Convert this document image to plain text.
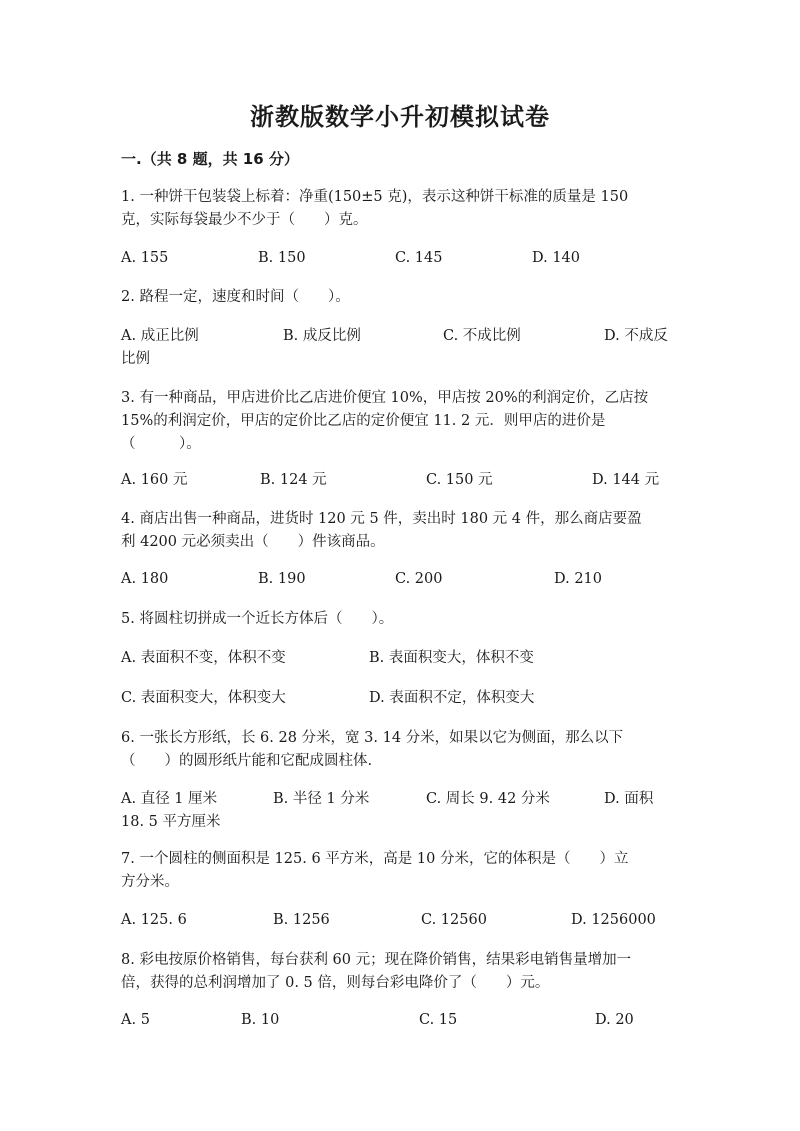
浙教版数学小升初模拟试卷
一.（共 8 题，共 16 分）
1. 一种饼干包装袋上标着：净重(150±5 克)，表示这种饼干标准的质量是 150
克，实际每袋最少不少于（　　）克。
A. 155	B. 150	C. 145	D. 140
2. 路程一定，速度和时间（　　）。
A. 成正比例	B. 成反比例	C. 不成比例	D. 不成反
比例
3. 有一种商品，甲店进价比乙店进价便宜 10%，甲店按 20%的利润定价，乙店按
15%的利润定价，甲店的定价比乙店的定价便宜 11. 2 元．则甲店的进价是
（　　　）。
A. 160 元	B. 124 元	C. 150 元	D. 144 元
4. 商店出售一种商品，进货时 120 元 5 件，卖出时 180 元 4 件，那么商店要盈
利 4200 元必须卖出（　　）件该商品。
A. 180	B. 190	C. 200	D. 210
5. 将圆柱切拼成一个近长方体后（　　）。
A. 表面积不变，体积不变	B. 表面积变大，体积不变
C. 表面积变大，体积变大	D. 表面积不定，体积变大
6. 一张长方形纸，长 6. 28 分米，宽 3. 14 分米，如果以它为侧面，那么以下
（　　）的圆形纸片能和它配成圆柱体.
A. 直径 1 厘米	B. 半径 1 分米	C. 周长 9. 42 分米	D. 面积
18. 5 平方厘米
7. 一个圆柱的侧面积是 125. 6 平方米，高是 10 分米，它的体积是（　　）立
方分米。
A. 125. 6	B. 1256	C. 12560	D. 1256000
8. 彩电按原价格销售，每台获利 60 元；现在降价销售，结果彩电销售量增加一
倍，获得的总利润增加了 0. 5 倍，则每台彩电降价了（　　）元。
A. 5	B. 10	C. 15	D. 20
